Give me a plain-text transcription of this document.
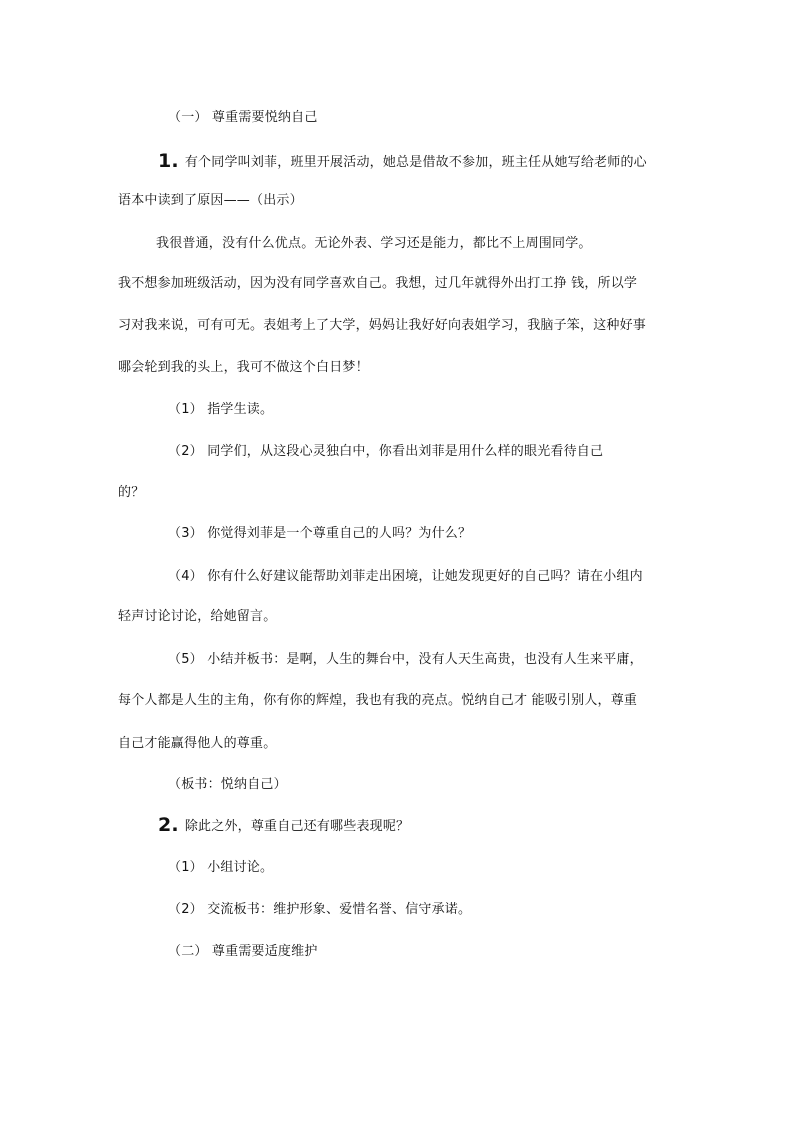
（一） 尊重需要悦纳自己
1. 有个同学叫刘菲，班里开展活动，她总是借故不参加，班主任从她写给老师的心
语本中读到了原因——（出示）
我很普通，没有什么优点。无论外表、学习还是能力，都比不上周围同学。
我不想参加班级活动，因为没有同学喜欢自己。我想，过几年就得外出打工挣 钱，所以学
习对我来说，可有可无。表姐考上了大学，妈妈让我好好向表姐学习，我脑子笨，这种好事
哪会轮到我的头上，我可不做这个白日梦！
（1） 指学生读。
（2） 同学们，从这段心灵独白中，你看出刘菲是用什么样的眼光看待自己
的？
（3） 你觉得刘菲是一个尊重自己的人吗？为什么？
（4） 你有什么好建议能帮助刘菲走出困境，让她发现更好的自己吗？请在小组内
轻声讨论讨论，给她留言。
（5） 小结并板书：是啊，人生的舞台中，没有人天生高贵，也没有人生来平庸，
每个人都是人生的主角，你有你的辉煌，我也有我的亮点。悦纳自己才 能吸引别人，尊重
自己才能赢得他人的尊重。
（板书：悦纳自己）
2. 除此之外，尊重自己还有哪些表现呢？
（1） 小组讨论。
（2） 交流板书：维护形象、爱惜名誉、信守承诺。
（二） 尊重需要适度维护
